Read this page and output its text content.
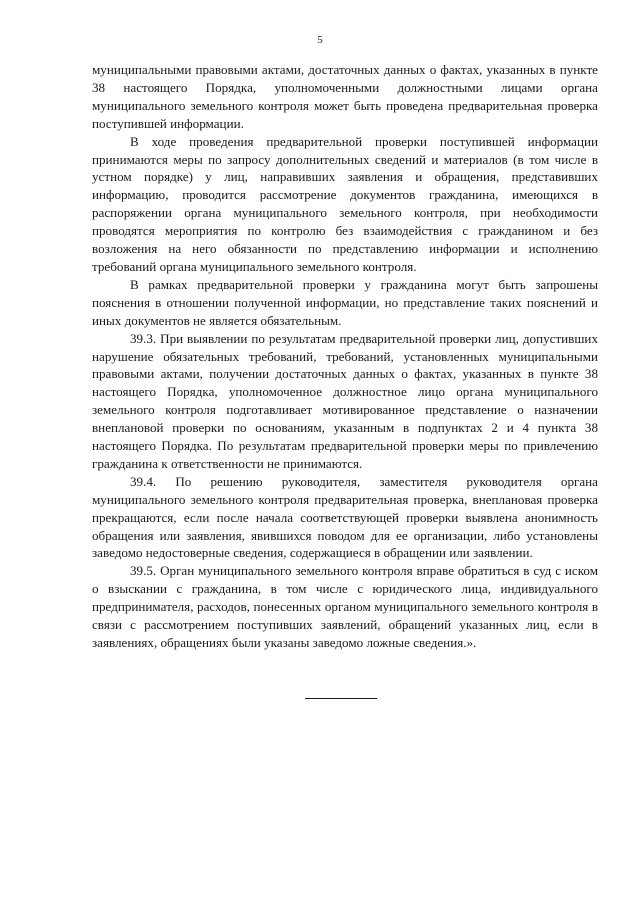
5

муниципальными правовыми актами, достаточных данных о фактах, указанных в пункте 38 настоящего Порядка, уполномоченными должностными лицами органа муниципального земельного контроля может быть проведена предварительная проверка поступившей информации.

В ходе проведения предварительной проверки поступившей информации принимаются меры по запросу дополнительных сведений и материалов (в том числе в устном порядке) у лиц, направивших заявления и обращения, представивших информацию, проводится рассмотрение документов гражданина, имеющихся в распоряжении органа муниципального земельного контроля, при необходимости проводятся мероприятия по контролю без взаимодействия с гражданином и без возложения на него обязанности по представлению информации и исполнению требований органа муниципального земельного контроля.

В рамках предварительной проверки у гражданина могут быть запрошены пояснения в отношении полученной информации, но представление таких пояснений и иных документов не является обязательным.

39.3. При выявлении по результатам предварительной проверки лиц, допустивших нарушение обязательных требований, требований, установленных муниципальными правовыми актами, получении достаточных данных о фактах, указанных в пункте 38 настоящего Порядка, уполномоченное должностное лицо органа муниципального земельного контроля подготавливает мотивированное представление о назначении внеплановой проверки по основаниям, указанным в подпунктах 2 и 4 пункта 38 настоящего Порядка. По результатам предварительной проверки меры по привлечению гражданина к ответственности не принимаются.

39.4. По решению руководителя, заместителя руководителя органа муниципального земельного контроля предварительная проверка, внеплановая проверка прекращаются, если после начала соответствующей проверки выявлена анонимность обращения или заявления, явившихся поводом для ее организации, либо установлены заведомо недостоверные сведения, содержащиеся в обращении или заявлении.

39.5. Орган муниципального земельного контроля вправе обратиться в суд с иском о взыскании с гражданина, в том числе с юридического лица, индивидуального предпринимателя, расходов, понесенных органом муниципального земельного контроля в связи с рассмотрением поступивших заявлений, обращений указанных лиц, если в заявлениях, обращениях были указаны заведомо ложные сведения.».
